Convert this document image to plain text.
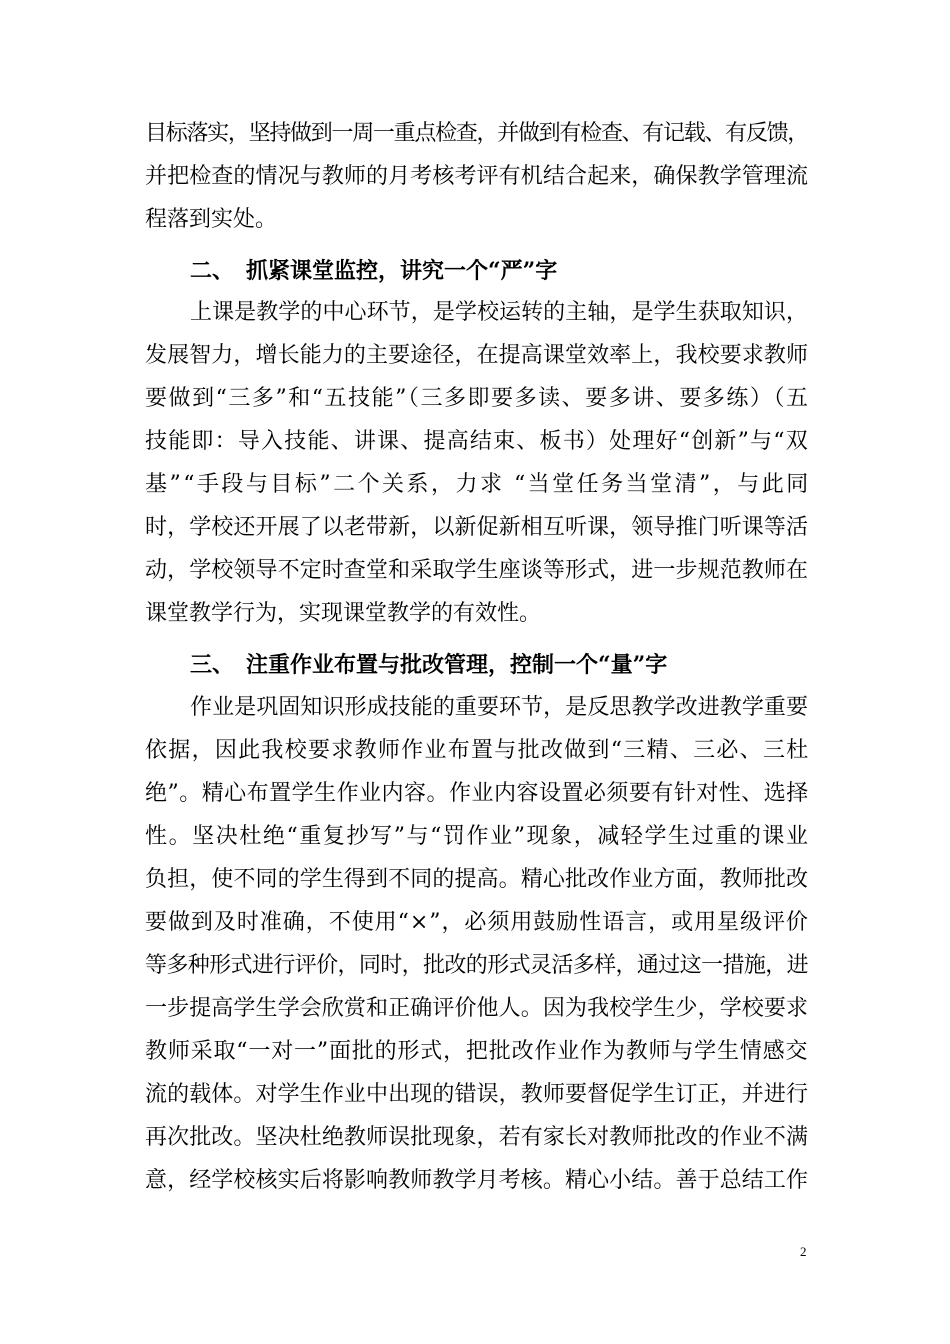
目标落实，坚持做到一周一重点检查，并做到有检查、有记载、有反馈，
并把检查的情况与教师的月考核考评有机结合起来，确保教学管理流
程落到实处。
二、 抓紧课堂监控，讲究一个“严”字
上课是教学的中心环节，是学校运转的主轴，是学生获取知识，
发展智力，增长能力的主要途径，在提高课堂效率上，我校要求教师
要做到“三多”和“五技能”（三多即要多读、要多讲、要多练）（五
技能即：导入技能、讲课、提高结束、板书）处理好“创新”与“双
基”“手段与目标”二个关系，力求 “当堂任务当堂清”，与此同
时，学校还开展了以老带新，以新促新相互听课，领导推门听课等活
动，学校领导不定时查堂和采取学生座谈等形式，进一步规范教师在
课堂教学行为，实现课堂教学的有效性。
三、 注重作业布置与批改管理，控制一个“量”字
作业是巩固知识形成技能的重要环节，是反思教学改进教学重要
依据，因此我校要求教师作业布置与批改做到“三精、三必、三杜
绝”。精心布置学生作业内容。作业内容设置必须要有针对性、选择
性。坚决杜绝“重复抄写”与“罚作业”现象，减轻学生过重的课业
负担，使不同的学生得到不同的提高。精心批改作业方面，教师批改
要做到及时准确，不使用“×”，必须用鼓励性语言，或用星级评价
等多种形式进行评价，同时，批改的形式灵活多样，通过这一措施，进
一步提高学生学会欣赏和正确评价他人。因为我校学生少，学校要求
教师采取“一对一”面批的形式，把批改作业作为教师与学生情感交
流的载体。对学生作业中出现的错误，教师要督促学生订正，并进行
再次批改。坚决杜绝教师误批现象，若有家长对教师批改的作业不满
意，经学校核实后将影响教师教学月考核。精心小结。善于总结工作
2
